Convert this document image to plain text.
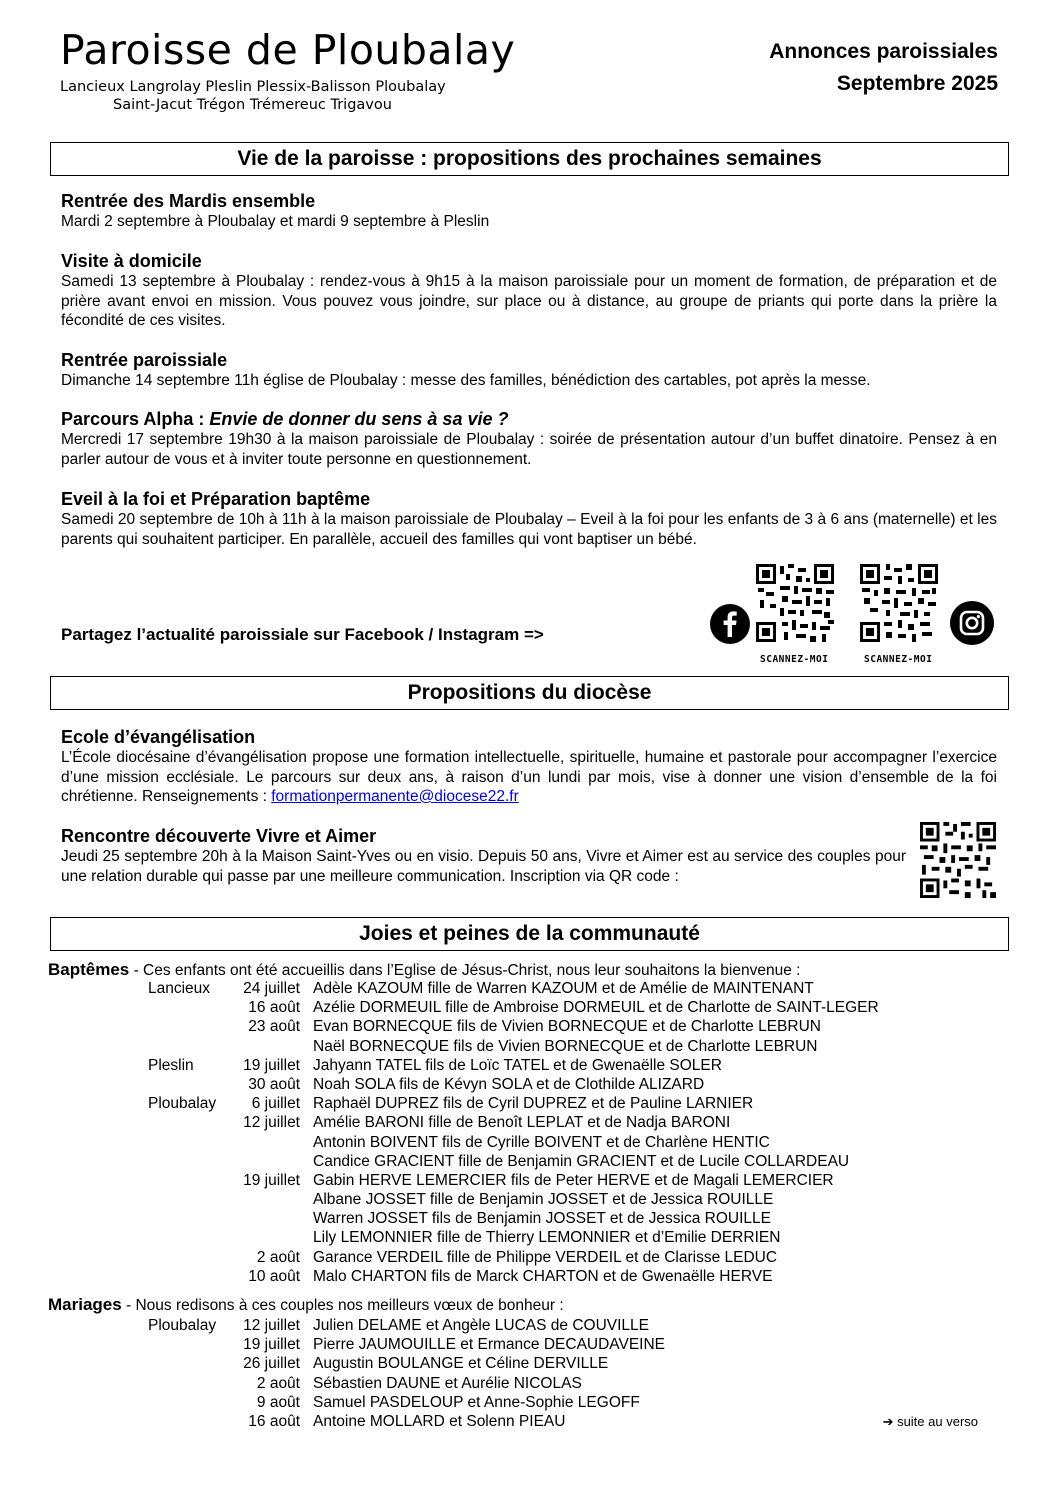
Paroisse de Ploubalay
Lancieux Langrolay Pleslin Plessix-Balisson Ploubalay
Saint-Jacut Trégon Trémereuc Trigavou
Annonces paroissiales
Septembre 2025
Vie de la paroisse : propositions des prochaines semaines
Rentrée des Mardis ensemble

Mardi 2 septembre à Ploubalay et mardi 9 septembre à Pleslin

Visite à domicile

Samedi 13 septembre à Ploubalay : rendez-vous à 9h15 à la maison paroissiale pour un moment de formation, de préparation et de prière avant envoi en mission. Vous pouvez vous joindre, sur place ou à distance, au groupe de priants qui porte dans la prière la fécondité de ces visites.

Rentrée paroissiale

Dimanche 14 septembre 11h église de Ploubalay : messe des familles, bénédiction des cartables, pot après la messe.

Parcours Alpha : Envie de donner du sens à sa vie ?

Mercredi 17 septembre 19h30 à la maison paroissiale de Ploubalay : soirée de présentation autour d’un buffet dinatoire. Pensez à en parler autour de vous et à inviter toute personne en questionnement.

Eveil à la foi et Préparation baptême

Samedi 20 septembre de 10h à 11h à la maison paroissiale de Ploubalay – Eveil à la foi pour les enfants de 3 à 6 ans (maternelle) et les parents qui souhaitent participer. En parallèle, accueil des familles qui vont baptiser un bébé.

Partagez l’actualité paroissiale sur Facebook / Instagram =>
SCANNEZ-MOI	SCANNEZ-MOI
Propositions du diocèse
Ecole d’évangélisation

L’École diocésaine d’évangélisation propose une formation intellectuelle, spirituelle, humaine et pastorale pour accompagner l’exercice d’une mission ecclésiale. Le parcours sur deux ans, à raison d’un lundi par mois, vise à donner une vision d’ensemble de la foi chrétienne. Renseignements : formationpermanente@diocese22.fr

Rencontre découverte Vivre et Aimer

Jeudi 25 septembre 20h à la Maison Saint-Yves ou en visio. Depuis 50 ans, Vivre et Aimer est au service des couples pour une relation durable qui passe par une meilleure communication. Inscription via QR code :

Joies et peines de la communauté
Baptêmes - Ces enfants ont été accueillis dans l’Eglise de Jésus-Christ, nous leur souhaitons la bienvenue :
Lancieux 24 juillet Adèle KAZOUM fille de Warren KAZOUM et de Amélie de MAINTENANT
16 août Azélie DORMEUIL fille de Ambroise DORMEUIL et de Charlotte de SAINT-LEGER
23 août Evan BORNECQUE fils de Vivien BORNECQUE et de Charlotte LEBRUN
Naël BORNECQUE fils de Vivien BORNECQUE et de Charlotte LEBRUN
Pleslin	19 juillet Jahyann TATEL fils de Loïc TATEL et de Gwenaëlle SOLER
30 août Noah SOLA fils de Kévyn SOLA et de Clothilde ALIZARD
Ploubalay 6 juillet Raphaël DUPREZ fils de Cyril DUPREZ et de Pauline LARNIER
12 juillet Amélie BARONI fille de Benoît LEPLAT et de Nadja BARONI
Antonin BOIVENT fils de Cyrille BOIVENT et de Charlène HENTIC
Candice GRACIENT fille de Benjamin GRACIENT et de Lucile COLLARDEAU
19 juillet Gabin HERVE LEMERCIER fils de Peter HERVE et de Magali LEMERCIER
Albane JOSSET fille de Benjamin JOSSET et de Jessica ROUILLE
Warren JOSSET fils de Benjamin JOSSET et de Jessica ROUILLE
Lily LEMONNIER fille de Thierry LEMONNIER et d’Emilie DERRIEN
2 août Garance VERDEIL fille de Philippe VERDEIL et de Clarisse LEDUC
10 août Malo CHARTON fils de Marck CHARTON et de Gwenaëlle HERVE
Mariages - Nous redisons à ces couples nos meilleurs vœux de bonheur :
Ploubalay 12 juillet Julien DELAME et Angèle LUCAS de COUVILLE
19 juillet Pierre JAUMOUILLE et Ermance DECAUDAVEINE
26 juillet Augustin BOULANGE et Céline DERVILLE
2 août Sébastien DAUNE et Aurélie NICOLAS
9 août Samuel PASDELOUP et Anne-Sophie LEGOFF
16 août Antoine MOLLARD et Solenn PIEAU	➔ suite au verso
